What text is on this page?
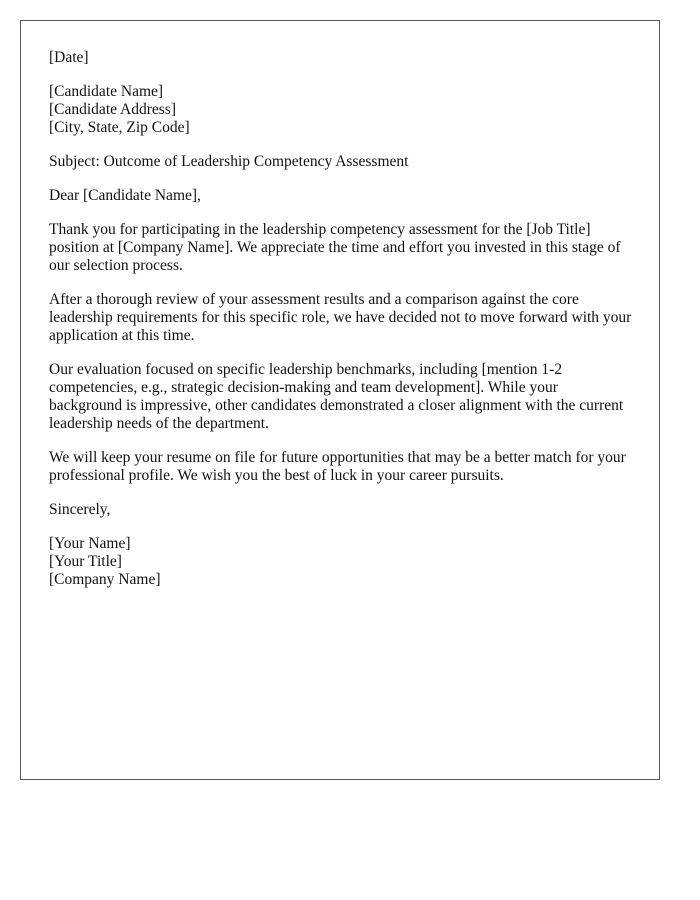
[Date]
[Candidate Name]
[Candidate Address]
[City, State, Zip Code]
Subject: Outcome of Leadership Competency Assessment
Dear [Candidate Name],

Thank you for participating in the leadership competency assessment for the [Job Title] position at [Company Name]. We appreciate the time and effort you invested in this stage of our selection process.

After a thorough review of your assessment results and a comparison against the core leadership requirements for this specific role, we have decided not to move forward with your application at this time.

Our evaluation focused on specific leadership benchmarks, including [mention 1-2 competencies, e.g., strategic decision-making and team development]. While your background is impressive, other candidates demonstrated a closer alignment with the current leadership needs of the department.

We will keep your resume on file for future opportunities that may be a better match for your professional profile. We wish you the best of luck in your career pursuits.

Sincerely,
[Your Name]
[Your Title]
[Company Name]
